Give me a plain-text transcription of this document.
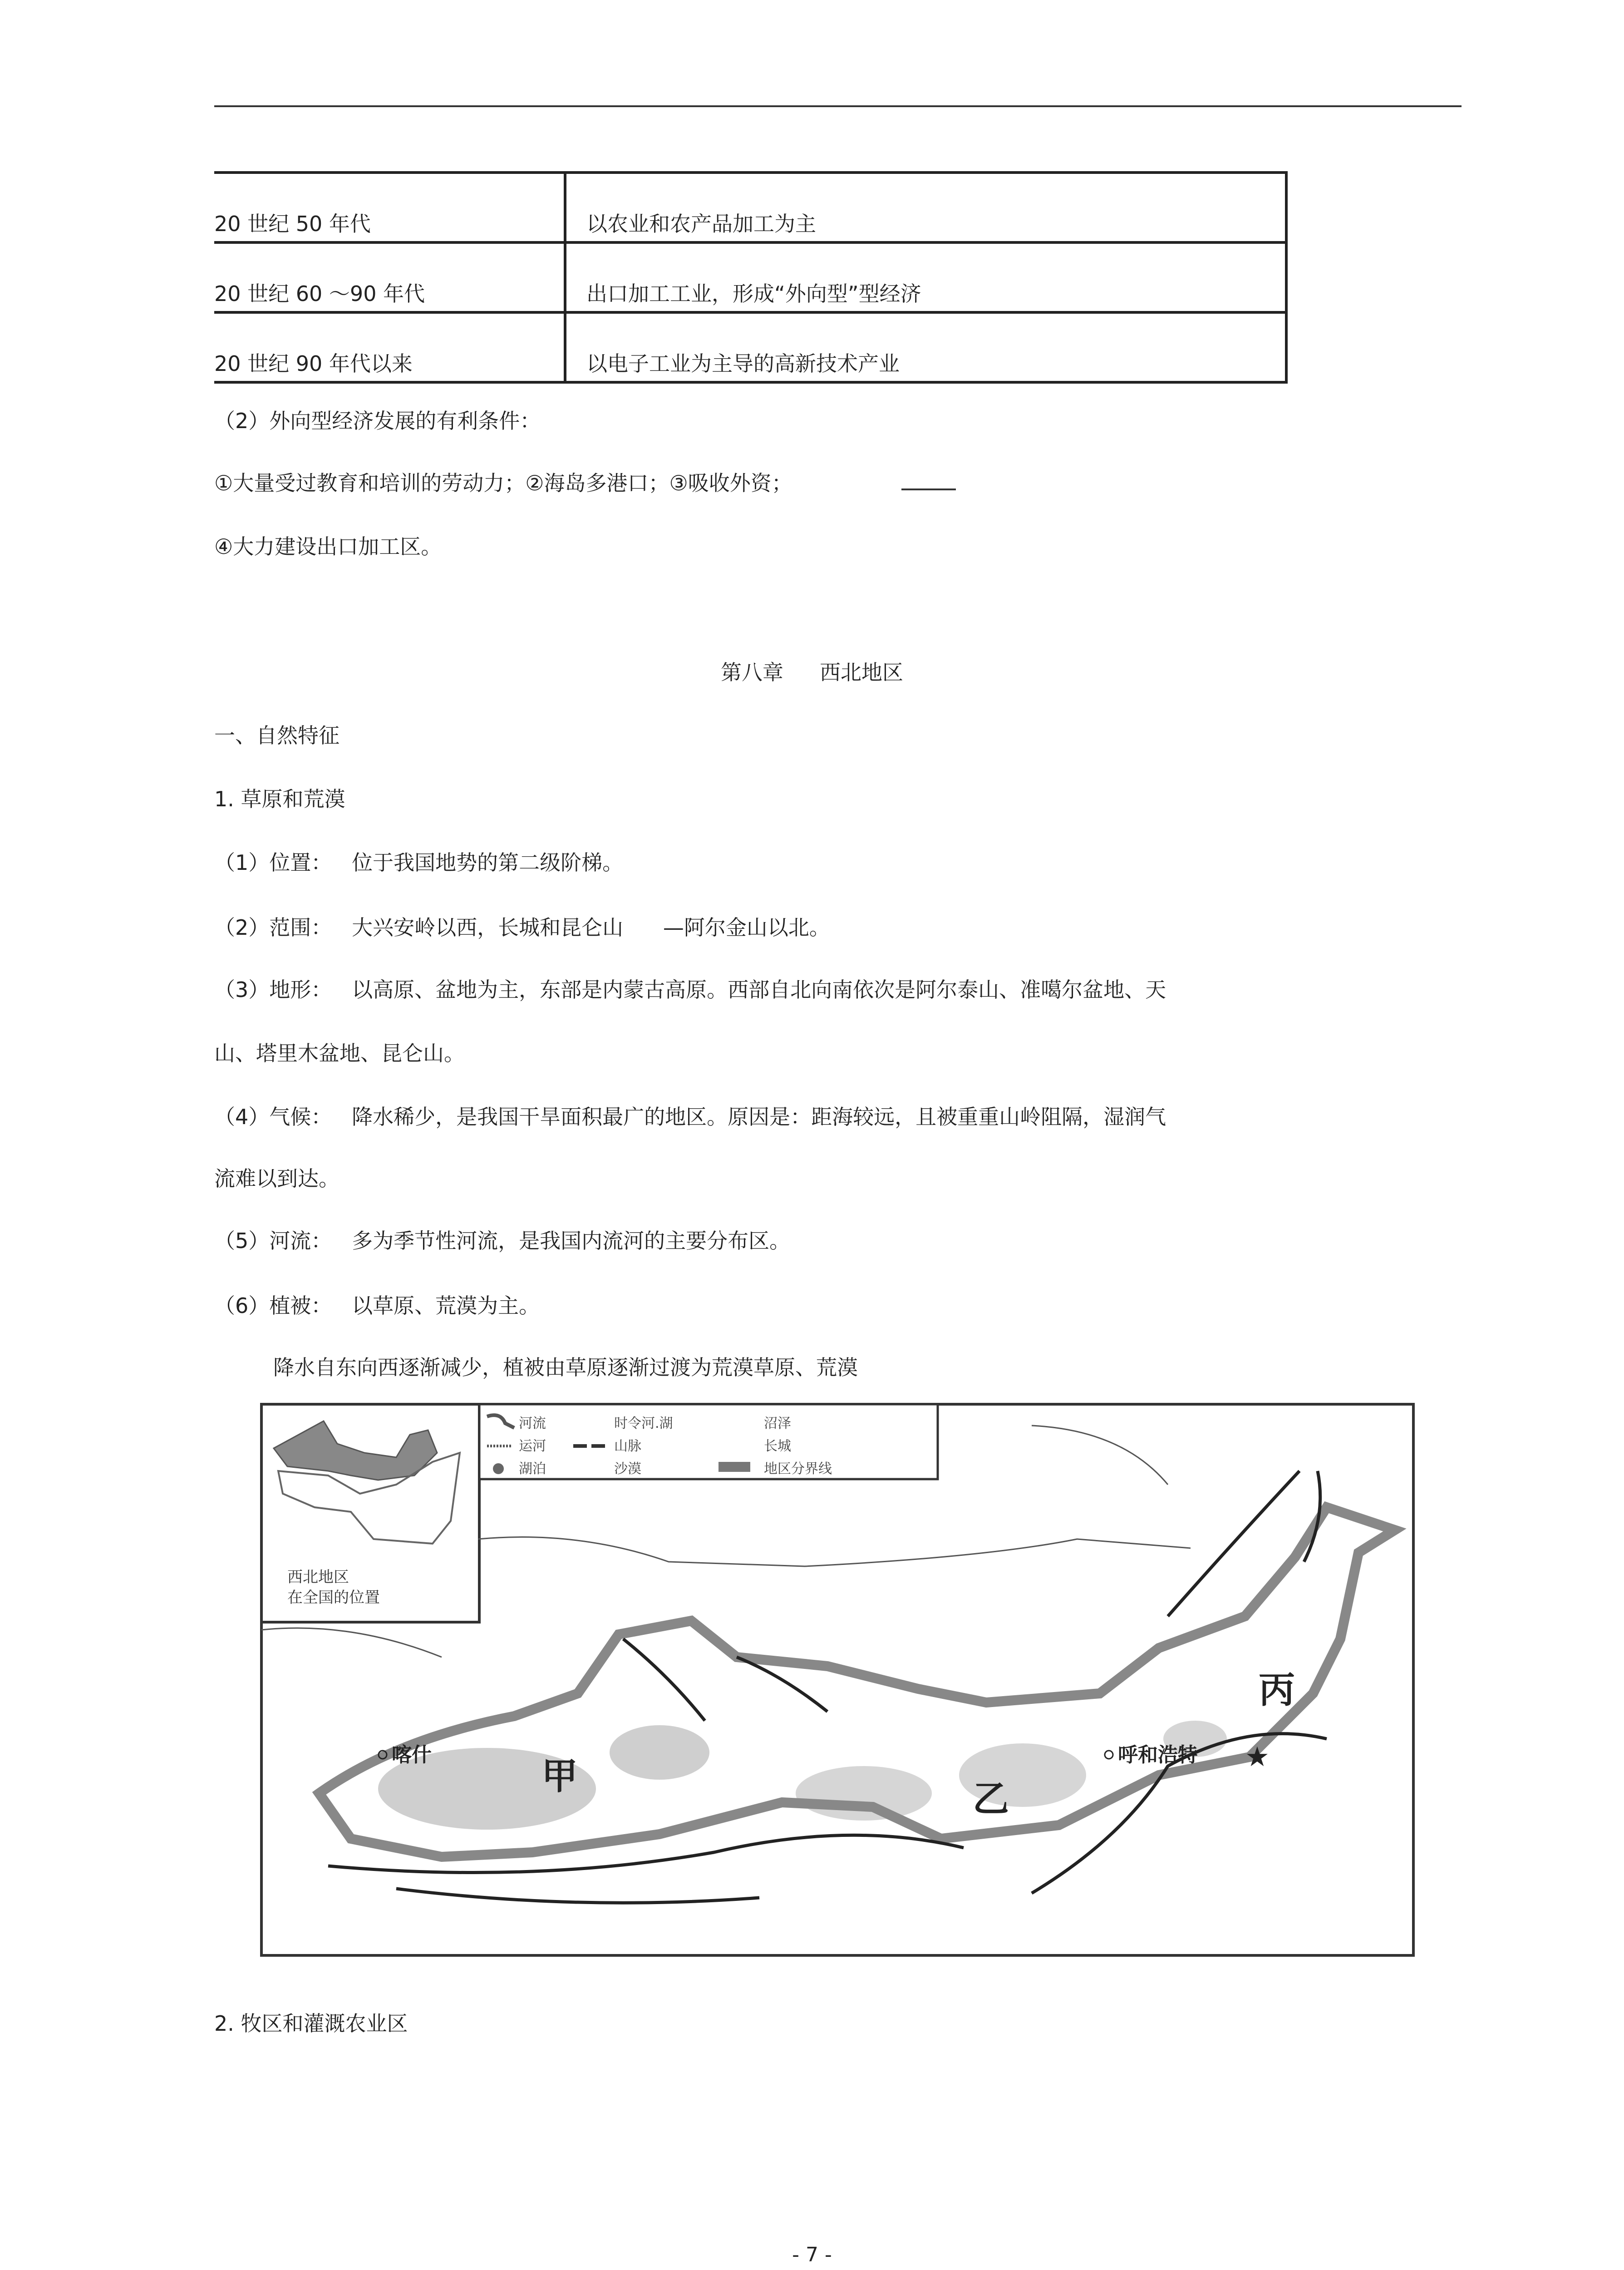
20 世纪 50 年代	以农业和农产品加工为主
20 世纪 60 ～90 年代	出口加工工业，形成“外向型”型经济
20 世纪 90 年代以来	以电子工业为主导的高新技术产业
（2）外向型经济发展的有利条件：
①大量受过教育和培训的劳动力；②海岛多港口；③吸收外资；
④大力建设出口加工区。
第八章 西北地区
一、自然特征
1. 草原和荒漠
（1）位置：   位于我国地势的第二级阶梯。
（2）范围：   大兴安岭以西，长城和昆仑山      —阿尔金山以北。
（3）地形：   以高原、盆地为主，东部是内蒙古高原。西部自北向南依次是阿尔泰山、准噶尔盆地、天
山、塔里木盆地、昆仑山。
（4）气候：   降水稀少，是我国干旱面积最广的地区。原因是：距海较远，且被重重山岭阻隔，湿润气
流难以到达。
（5）河流：   多为季节性河流，是我国内流河的主要分布区。
（6）植被：   以草原、荒漠为主。
降水自东向西逐渐减少，植被由草原逐渐过渡为荒漠草原、荒漠
西北地区
在全国的位置
河流	时令河.湖	沼泽
运河	山脉	长城
湖泊	沙漠	地区分界线
甲
乙
丙
喀什	呼和浩特 ★
2. 牧区和灌溉农业区
- 7 -
